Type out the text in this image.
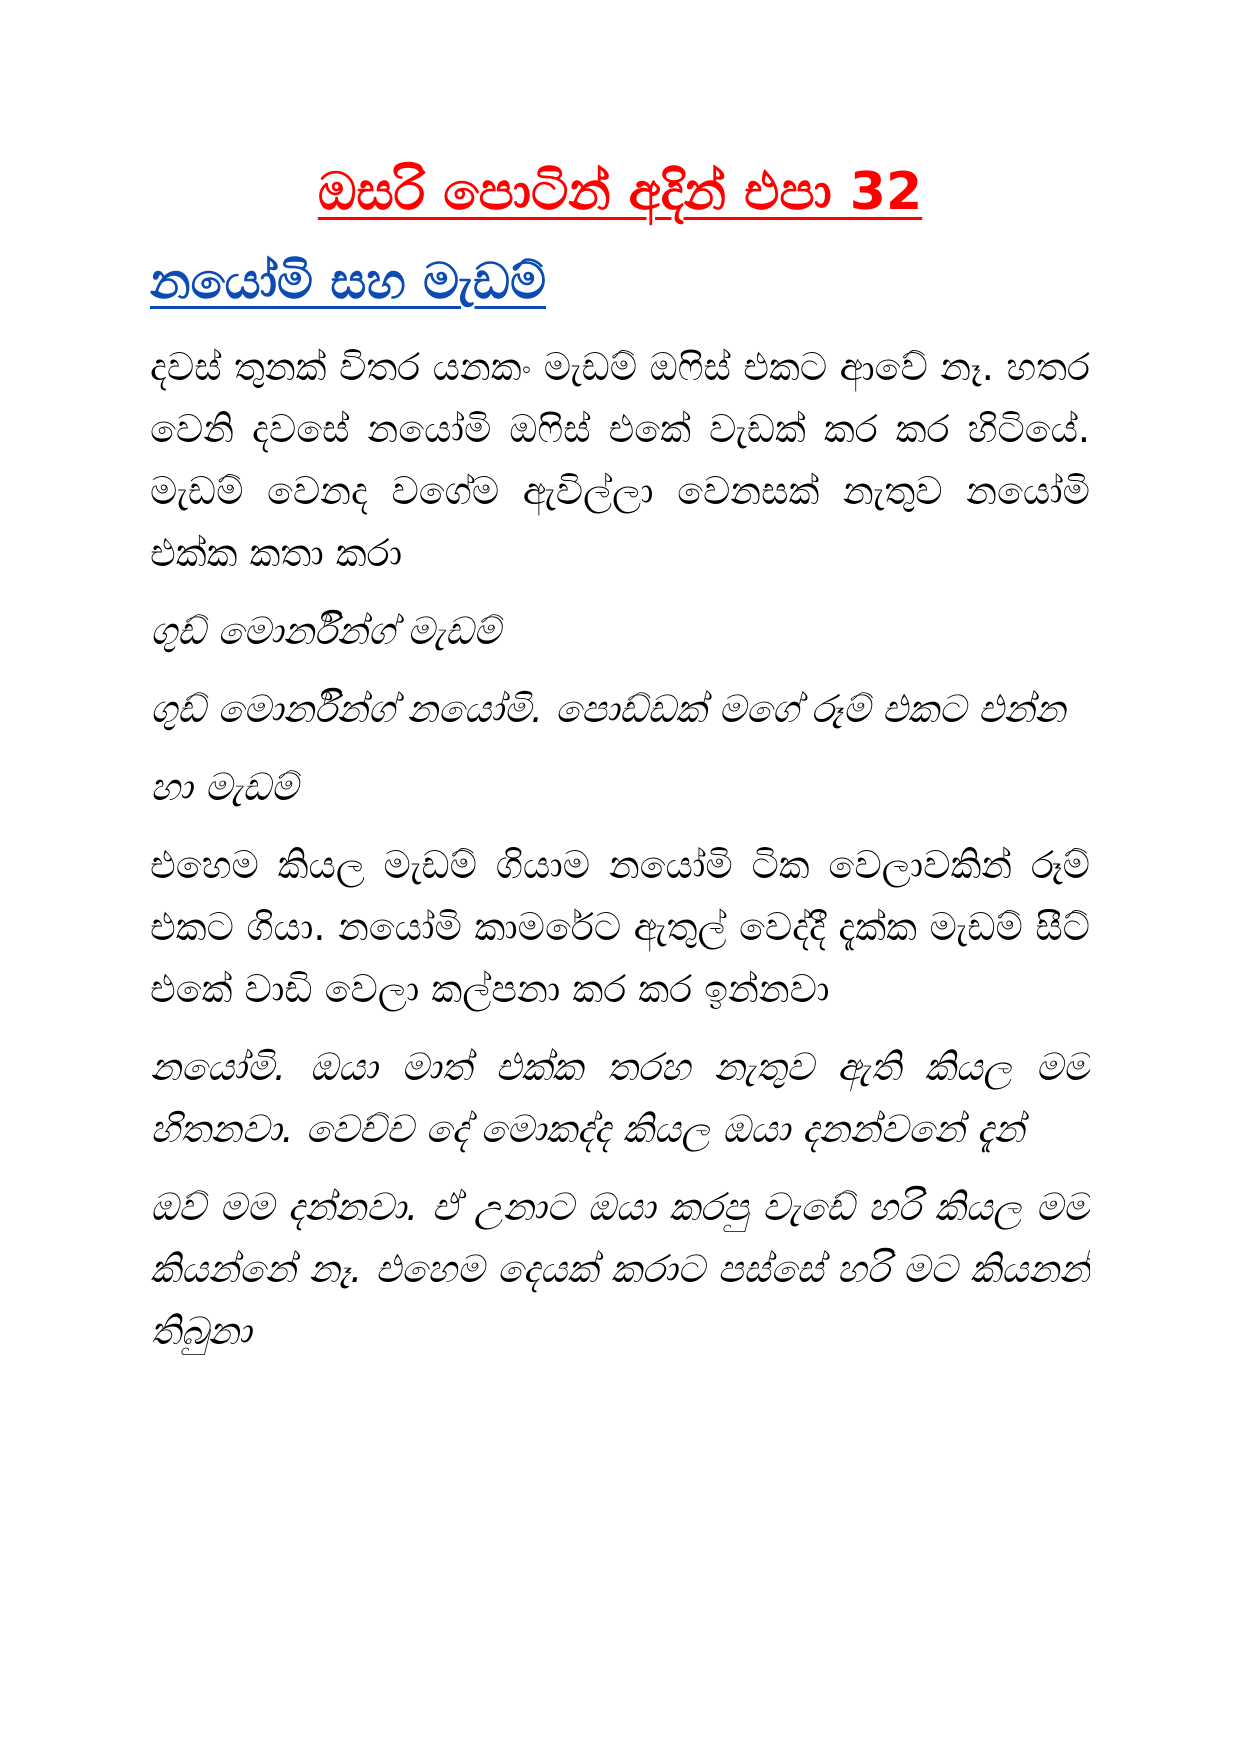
ඔසරි පොටින් අදින් එපා 32
නයෝමි සහ මැඩම්

දවස් තුනක් විතර යනකං මැඩම් ඔෆිස් එකට ආවේ නෑ. හතර වෙනි දවසේ නයෝමි ඔෆිස් එකේ වැඩක් කර කර හිටියේ. මැඩම් වෙනද වගේම ඇවිල්ලා වෙනසක් නැතුව නයෝමි එක්ක කතා කරා

ගුඩ් මොර්නින්ග් මැඩම්

ගුඩ් මොර්නින්ග් නයෝමි. පොඩ්ඩක් මගේ රූම් එකට එන්න

හා මැඩම්

එහෙම කියල මැඩම් ගියාම නයෝමි ටික වෙලාවකින් රූම් එකට ගියා. නයෝමි කාමරේට ඇතුල් වෙද්දී දැක්ක මැඩම් සීට් එකේ වාඩි වෙලා කල්පනා කර කර ඉන්නවා

නයෝමි. ඔයා මාත් එක්ක තරහ නැතුව ඇති කියල මම හිතනවා. වෙච්ච දේ මොකද්ද කියල ඔයා දනන්වනේ දැන්

ඔව් මම දන්නවා. ඒ උනාට ඔයා කරපු වැඩේ හරි කියල මම කියන්නේ නෑ. එහෙම දෙයක් කරාට පස්සේ හරි මට කියනන් තිබුනා
